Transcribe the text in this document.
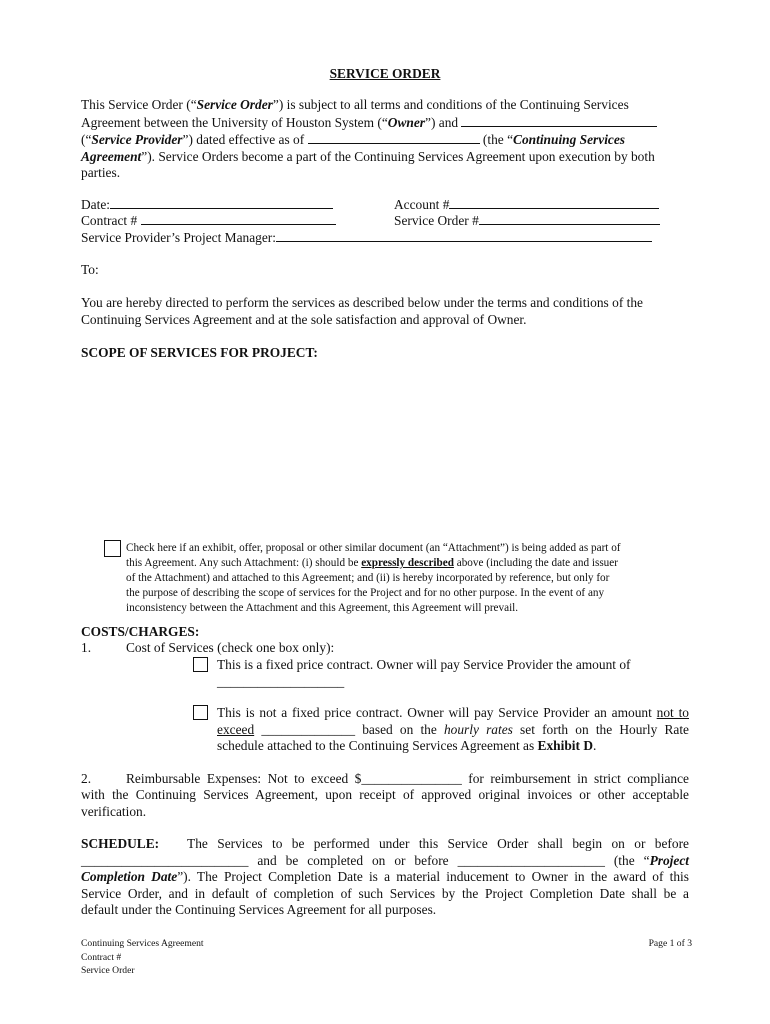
SERVICE ORDER
This Service Order (“Service Order”) is subject to all terms and conditions of the Continuing Services
Agreement between the University of Houston System (“Owner”) and
(“Service Provider”) dated effective as of	(the “Continuing Services
Agreement”). Service Orders become a part of the Continuing Services Agreement upon execution by both
parties.
Date:	Account #
Contract #	Service Order #
Service Provider’s Project Manager:
To:
You are hereby directed to perform the services as described below under the terms and conditions of the
Continuing Services Agreement and at the sole satisfaction and approval of Owner.
SCOPE OF SERVICES FOR PROJECT:
Check here if an exhibit, offer, proposal or other similar document (an “Attachment”) is being added as part of
this Agreement. Any such Attachment: (i) should be expressly described above (including the date and issuer
of the Attachment) and attached to this Agreement; and (ii) is hereby incorporated by reference, but only for
the purpose of describing the scope of services for the Project and for no other purpose. In the event of any
inconsistency between the Attachment and this Agreement, this Agreement will prevail.
COSTS/CHARGES:
1.	Cost of Services (check one box only):
This is a fixed price contract. Owner will pay Service Provider the amount of
___________________
This is not a fixed price contract. Owner will pay Service Provider an amount not to
exceed ______________ based on the hourly rates set forth on the Hourly Rate
schedule attached to the Continuing Services Agreement as Exhibit D.
2.	Reimbursable Expenses: Not to exceed $_______________ for reimbursement in strict compliance
with the Continuing Services Agreement, upon receipt of approved original invoices or other acceptable
verification.
SCHEDULE: The Services to be performed under this Service Order shall begin on or before
_________________________ and be completed on or before ______________________ (the “Project
Completion Date”). The Project Completion Date is a material inducement to Owner in the award of this
Service Order, and in default of completion of such Services by the Project Completion Date shall be a
default under the Continuing Services Agreement for all purposes.
Continuing Services Agreement
Contract #
Service Order
Page 1 of 3
